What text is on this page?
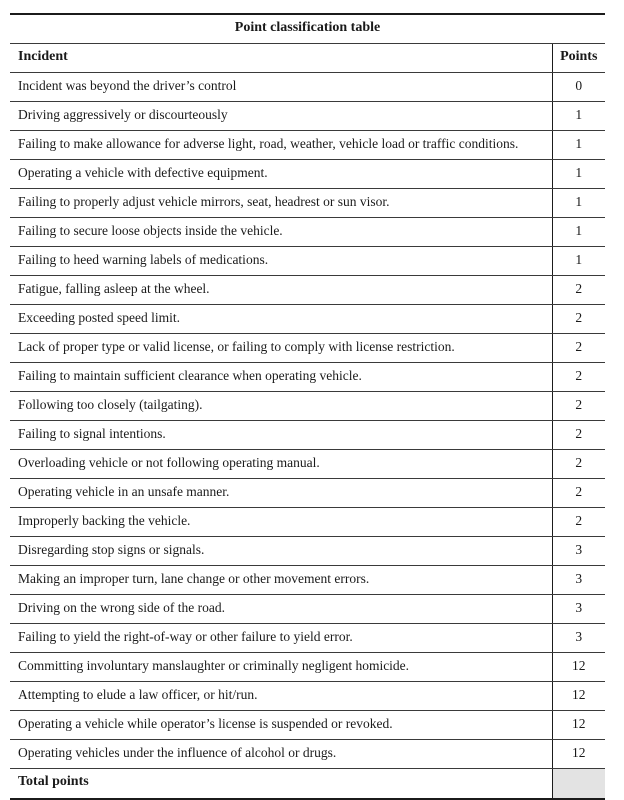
Point classification table	
Incident	Points
Incident was beyond the driver’s control	0
Driving aggressively or discourteously	1
Failing to make allowance for adverse light, road, weather, vehicle load or traffic conditions.	1
Operating a vehicle with defective equipment.	1
Failing to properly adjust vehicle mirrors, seat, headrest or sun visor.	1
Failing to secure loose objects inside the vehicle.	1
Failing to heed warning labels of medications.	1
Fatigue, falling asleep at the wheel.	2
Exceeding posted speed limit.	2
Lack of proper type or valid license, or failing to comply with license restriction.	2
Failing to maintain sufficient clearance when operating vehicle.	2
Following too closely (tailgating).	2
Failing to signal intentions.	2
Overloading vehicle or not following operating manual.	2
Operating vehicle in an unsafe manner.	2
Improperly backing the vehicle.	2
Disregarding stop signs or signals.	3
Making an improper turn, lane change or other movement errors.	3
Driving on the wrong side of the road.	3
Failing to yield the right-of-way or other failure to yield error.	3
Committing involuntary manslaughter or criminally negligent homicide.	12
Attempting to elude a law officer, or hit/run.	12
Operating a vehicle while operator’s license is suspended or revoked.	12
Operating vehicles under the influence of alcohol or drugs.	12
Total points	
